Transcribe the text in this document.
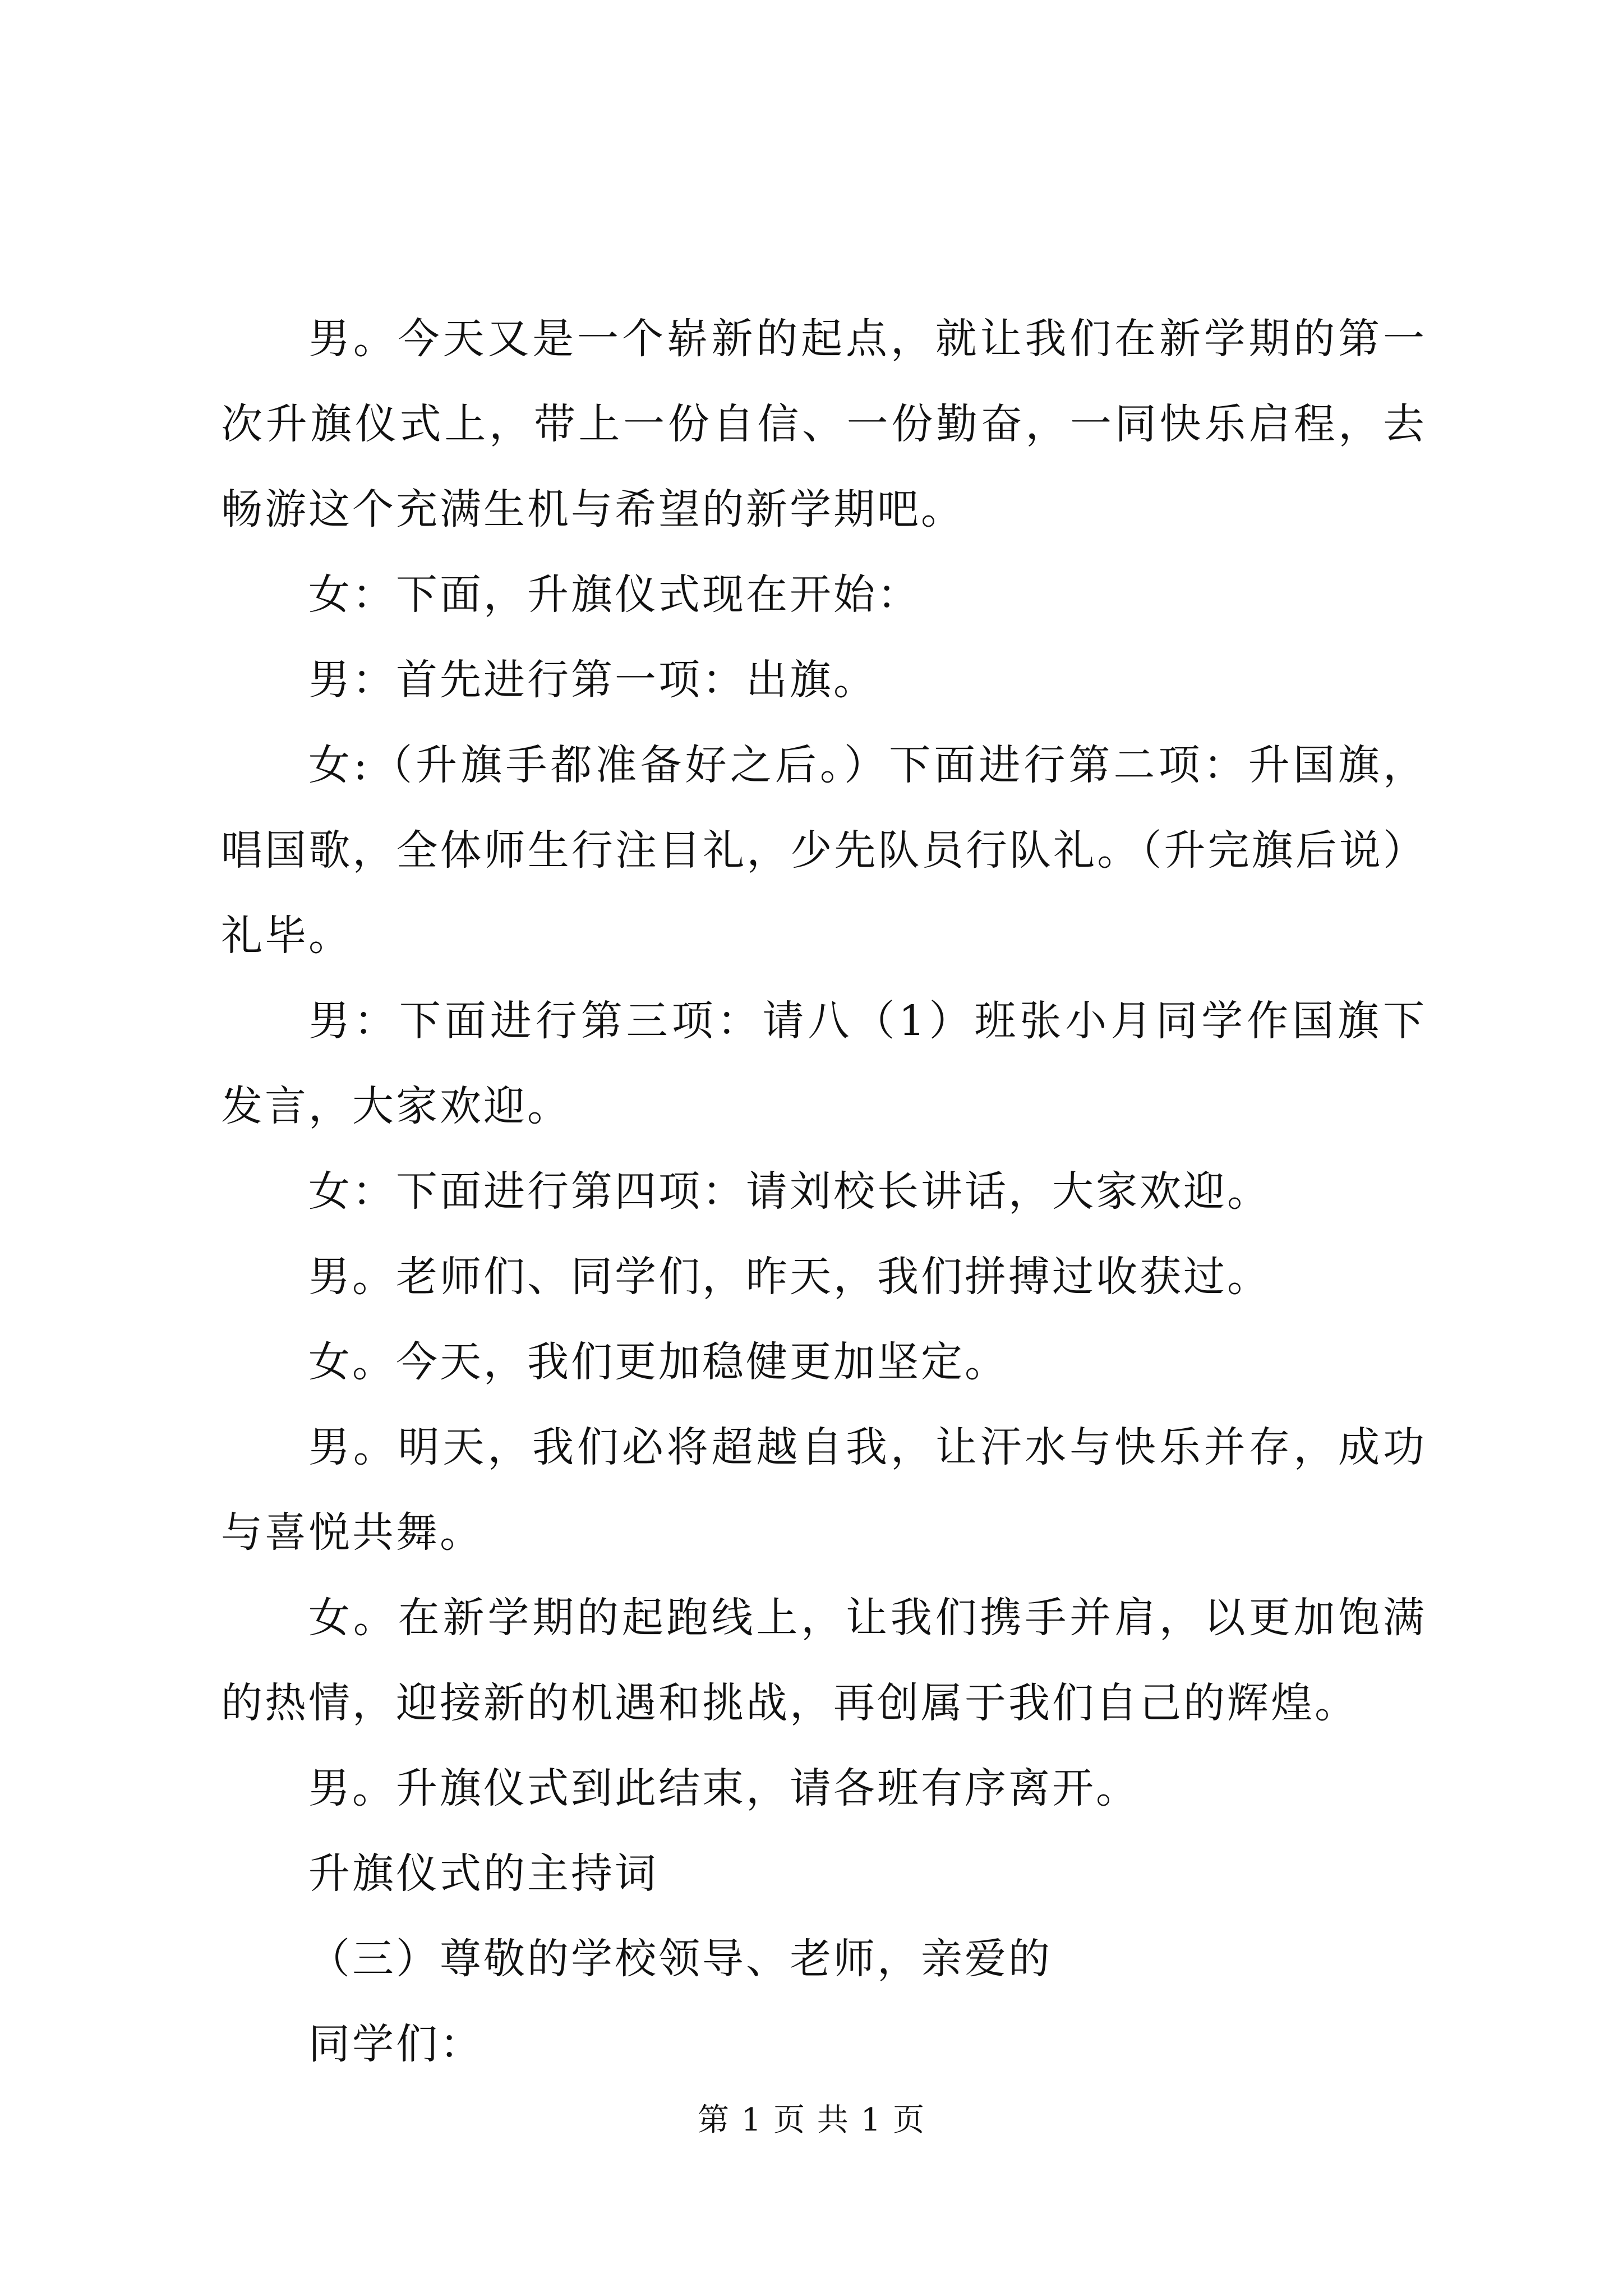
男。今天又是一个崭新的起点，就让我们在新学期的第一次升旗仪式上，带上一份自信、一份勤奋，一同快乐启程，去畅游这个充满生机与希望的新学期吧。

女：下面，升旗仪式现在开始：

男：首先进行第一项：出旗。

女:（升旗手都准备好之后。）下面进行第二项：升国旗，唱国歌，全体师生行注目礼，少先队员行队礼。（升完旗后说）礼毕。

男：下面进行第三项：请八（1）班张小月同学作国旗下发言，大家欢迎。

女：下面进行第四项：请刘校长讲话，大家欢迎。

男。老师们、同学们，昨天，我们拼搏过收获过。

女。今天，我们更加稳健更加坚定。

男。明天，我们必将超越自我，让汗水与快乐并存，成功与喜悦共舞。

女。在新学期的起跑线上，让我们携手并肩，以更加饱满的热情，迎接新的机遇和挑战，再创属于我们自己的辉煌。

男。升旗仪式到此结束，请各班有序离开。

升旗仪式的主持词

（三）尊敬的学校领导、老师，亲爱的

同学们：

第 1 页 共 1 页
